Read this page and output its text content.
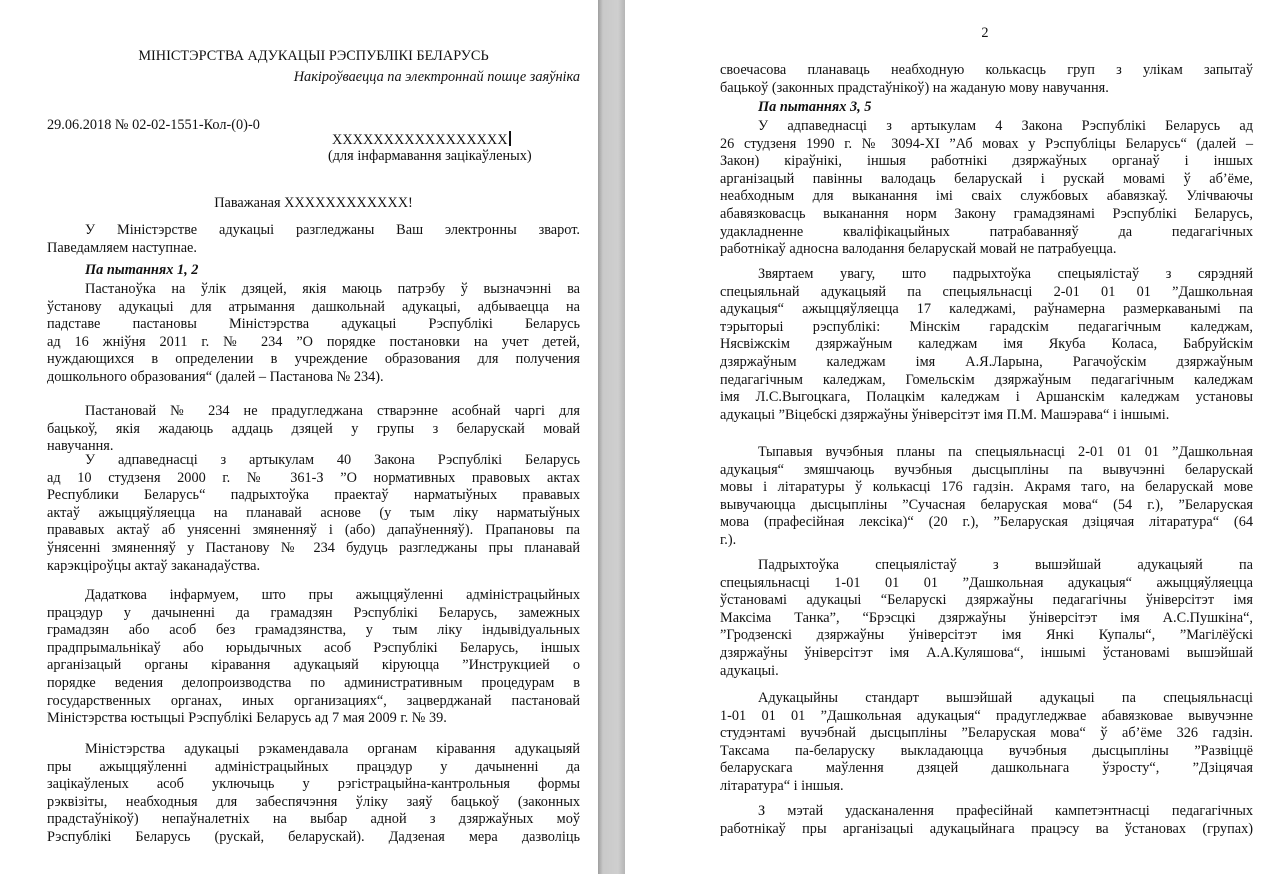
МІНІСТЭРСТВА АДУКАЦЫІ РЭСПУБЛІКІ БЕЛАРУСЬ
Накіроўваецца па электроннай пошце заяўніка
29.06.2018 № 02-02-1551-Кол-(0)-0
XXXXXXXXXXXXXXXXX
(для інфармавання зацікаўленых)
Паважаная XXXXXXXXXXXX!
У Міністэрстве адукацыі разгледжаны Ваш электронны зварот.
Паведамляем наступнае.
Па пытаннях 1, 2
Пастаноўка на ўлік дзяцей, якія маюць патрэбу ў вызначэнні ва
ўстанову адукацыі для атрымання дашкольнай адукацыі, адбываецца на
падставе пастановы Міністэрства адукацыі Рэспублікі Беларусь
ад 16 жніўня 2011 г. № 234 ”О порядке постановки на учет детей,
нуждающихся в определении в учреждение образования для получения
дошкольного образования“ (далей – Пастанова № 234).
Пастановай № 234 не прадугледжана стварэнне асобнай чаргі для
бацькоў, якія жадаюць аддаць дзяцей у групы з беларускай мовай
навучання.
У адпаведнасці з артыкулам 40 Закона Рэспублікі Беларусь
ад 10 студзеня 2000 г. № 361-З ”О нормативных правовых актах
Республики Беларусь“ падрыхтоўка праектаў нарматыўных прававых
актаў ажыццяўляецца на планавай аснове (у тым ліку нарматыўных
прававых актаў аб унясенні змяненняў і (або) дапаўненняў). Прапановы па
ўнясенні змяненняў у Пастанову № 234 будуць разгледжаны пры планавай
карэкціроўцы актаў заканадаўства.
Дадаткова інфармуем, што пры ажыццяўленні адміністрацыйных
працэдур у дачыненні да грамадзян Рэспублікі Беларусь, замежных
грамадзян або асоб без грамадзянства, у тым ліку індывідуальных
прадпрымальнікаў або юрыдычных асоб Рэспублікі Беларусь, іншых
арганізацый органы кіравання адукацыяй кіруюцца ”Инструкцией о
порядке ведения делопроизводства по административным процедурам в
государственных органах, иных организациях“, зацверджанай пастановай
Міністэрства юстыцыі Рэспублікі Беларусь ад 7 мая 2009 г. № 39.
Міністэрства адукацыі рэкамендавала органам кіравання адукацыяй
пры ажыццяўленні адміністрацыйных працэдур у дачыненні да
зацікаўленых асоб уключыць у рэгістрацыйна-кантрольныя формы
рэквізіты, неабходныя для забеспячэння ўліку заяў бацькоў (законных
прадстаўнікоў) непаўналетніх на выбар адной з дзяржаўных моў
Рэспублікі Беларусь (рускай, беларускай). Дадзеная мера дазволіць
2
своечасова планаваць неабходную колькасць груп з улікам запытаў
бацькоў (законных прадстаўнікоў) на жаданую мову навучання.
Па пытаннях 3, 5
У адпаведнасці з артыкулам 4 Закона Рэспублікі Беларусь ад
26 студзеня 1990 г. № 3094-XI ”Аб мовах у Рэспубліцы Беларусь“ (далей –
Закон) кіраўнікі, іншыя работнікі дзяржаўных органаў і іншых
арганізацый павінны валодаць беларускай і рускай мовамі ў аб’ёме,
неабходным для выканання імі сваіх службовых абавязкаў. Улічваючы
абавязковасць выканання норм Закону грамадзянамі Рэспублікі Беларусь,
удакладненне кваліфікацыйных патрабаванняў да педагагічных
работнікаў адносна валодання беларускай мовай не патрабуецца.
Звяртаем увагу, што падрыхтоўка спецыялістаў з сярэдняй
спецыяльнай адукацыяй па спецыяльнасці 2-01 01 01 ”Дашкольная
адукацыя“ ажыццяўляецца 17 каледжамі, раўнамерна размеркаванымі па
тэрыторыі рэспублікі: Мінскім гарадскім педагагічным каледжам,
Нясвіжскім дзяржаўным каледжам імя Якуба Коласа, Бабруйскім
дзяржаўным каледжам імя А.Я.Ларына, Рагачоўскім дзяржаўным
педагагічным каледжам, Гомельскім дзяржаўным педагагічным каледжам
імя Л.С.Выгоцкага, Полацкім каледжам і Аршанскім каледжам установы
адукацыі ”Віцебскі дзяржаўны ўніверсітэт імя П.М. Машэрава“ і іншымі.
Тыпавыя вучэбныя планы па спецыяльнасці 2-01 01 01 ”Дашкольная
адукацыя“ змяшчаюць вучэбныя дысцыпліны па вывучэнні беларускай
мовы і літаратуры ў колькасці 176 гадзін. Акрамя таго, на беларускай мове
вывучаюцца дысцыпліны ”Сучасная беларуская мова“ (54 г.), ”Беларуская
мова (прафесійная лексіка)“ (20 г.), ”Беларуская дзіцячая літаратура“ (64
г.).
Падрыхтоўка спецыялістаў з вышэйшай адукацыяй па
спецыяльнасці 1-01 01 01 ”Дашкольная адукацыя“ ажыццяўляецца
ўстановамі адукацыі “Беларускі дзяржаўны педагагічны ўніверсітэт імя
Максіма Танка”, “Брэсцкі дзяржаўны ўніверсітэт імя А.С.Пушкіна“,
”Гродзенскі дзяржаўны ўніверсітэт імя Янкі Купалы“, ”Магілёўскі
дзяржаўны ўніверсітэт імя А.А.Куляшова“, іншымі ўстановамі вышэйшай
адукацыі.
Адукацыйны стандарт вышэйшай адукацыі па спецыяльнасці
1-01 01 01 ”Дашкольная адукацыя“ прадугледжвае абавязковае вывучэнне
студэнтамі вучэбнай дысцыпліны ”Беларуская мова“ ў аб’ёме 326 гадзін.
Таксама па-беларуску выкладаюцца вучэбныя дысцыпліны ”Развіццё
беларускага маўлення дзяцей дашкольнага ўзросту“, ”Дзіцячая
літаратура“ і іншыя.
З мэтай удасканалення прафесійнай кампетэнтнасці педагагічных
работнікаў пры арганізацыі адукацыйнага працэсу ва ўстановах (групах)
